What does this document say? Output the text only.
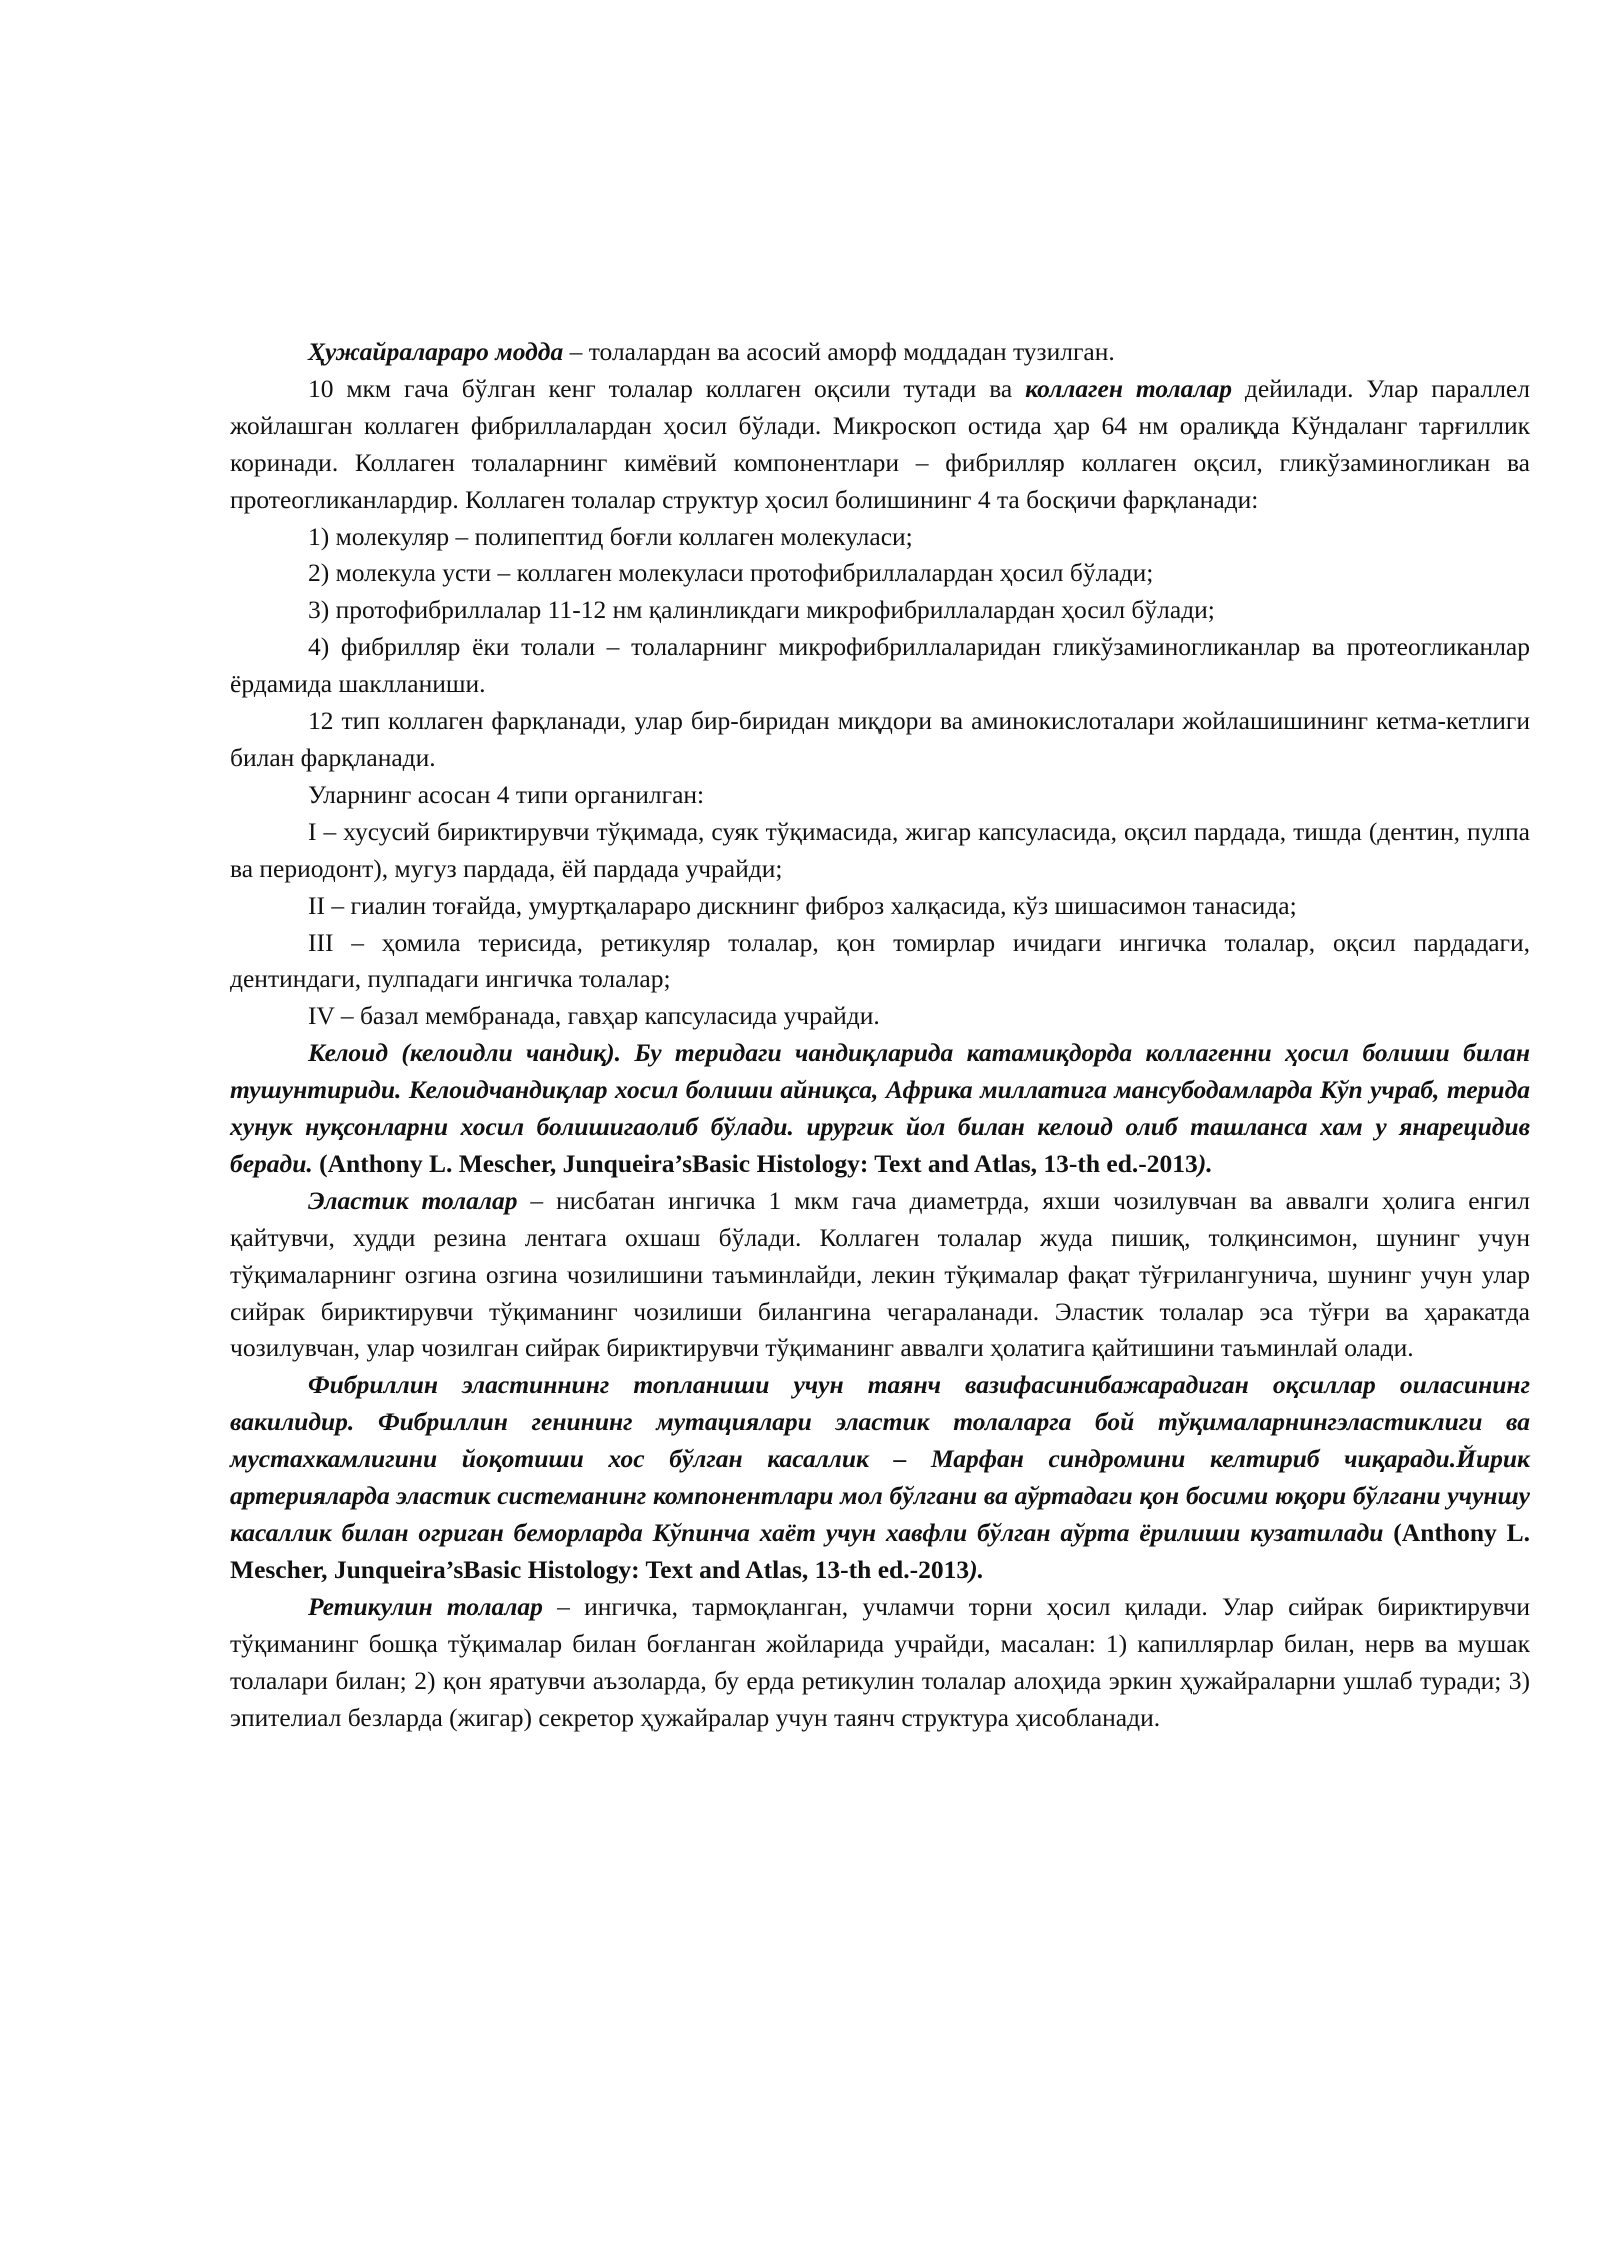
Ҳужайралараро модда – толалардан ва асосий аморф моддадан тузилган.

10 мкм гача бўлган кенг толалар коллаген оқсили тутади ва коллаген толалар дейилади. Улар параллел жойлашган коллаген фибриллалардан ҳосил бўлади. Микроскоп остида ҳар 64 нм оралиқда Кўндаланг тарғиллик коринади. Коллаген толаларнинг кимёвий компонентлари – фибрилляр коллаген оқсил, гликўзаминогликан ва протеогликанлардир. Коллаген толалар структур ҳосил болишининг 4 та босқичи фарқланади:

1) молекуляр – полипептид боғли коллаген молекуласи;

2) молекула усти – коллаген молекуласи протофибриллалардан ҳосил бўлади;

3) протофибриллалар 11-12 нм қалинликдаги микрофибриллалардан ҳосил бўлади;

4) фибрилляр ёки толали – толаларнинг микрофибриллаларидан гликўзаминогликанлар ва протеогликанлар ёрдамида шаклланиши.

12 тип коллаген фарқланади, улар бир-биридан миқдори ва аминокислоталари жойлашишининг кетма-кетлиги билан фарқланади.

Уларнинг асосан 4 типи органилган:

I – хусусий бириктирувчи тўқимада, суяк тўқимасида, жигар капсуласида, оқсил пардада, тишда (дентин, пулпа ва периодонт), мугуз пардада, ёй пардада учрайди;

II – гиалин тоғайда, умуртқалараро дискнинг фиброз халқасида, кўз шишасимон танасида;

III – ҳомила терисида, ретикуляр толалар, қон томирлар ичидаги ингичка толалар, оқсил пардадаги, дентиндаги, пулпадаги ингичка толалар;

IV – базал мембранада, гавҳар капсуласида учрайди.

Келоид (келоидли чандиқ). Бу теридаги чандиқларида катамиқдорда коллагенни ҳосил болиши билан тушунтириди. Келоидчандиқлар хосил болиши айниқса, Африка миллатига мансубодамларда Кўп учраб, терида хунук нуқсонларни хосил болишигаолиб бўлади. ирургик йол билан келоид олиб ташланса хам у янарецидив беради. (Anthony L. Mescher, Junqueira’sBasic Histology: Text and Atlas, 13-th ed.-2013).

Эластик толалар – нисбатан ингичка 1 мкм гача диаметрда, яхши чозилувчан ва аввалги ҳолига енгил қайтувчи, худди резина лентага охшаш бўлади. Коллаген толалар жуда пишиқ, толқинсимон, шунинг учун тўқималарнинг озгина озгина чозилишини таъминлайди, лекин тўқималар фақат тўғрилангунича, шунинг учун улар сийрак бириктирувчи тўқиманинг чозилиши билангина чегараланади. Эластик толалар эса тўғри ва ҳаракатда чозилувчан, улар чозилган сийрак бириктирувчи тўқиманинг аввалги ҳолатига қайтишини таъминлай олади.

Фибриллин эластиннинг топланиши учун таянч вазифасинибажарадиган оқсиллар оиласининг вакилидир. Фибриллин генининг мутациялари эластик толаларга бой тўқималарнингэластиклиги ва мустахкамлигини йоқотиши хос бўлган касаллик – Марфан синдромини келтириб чиқаради.Йирик артерияларда эластик системанинг компонентлари мол бўлгани ва аўртадаги қон босими юқори бўлгани учуншу касаллик билан огриган беморларда Кўпинча хаёт учун хавфли бўлган аўрта ёрилиши кузатилади (Anthony L. Mescher, Junqueira’sBasic Histology: Text and Atlas, 13-th ed.-2013).

Ретикулин толалар – ингичка, тармоқланган, учламчи торни ҳосил қилади. Улар сийрак бириктирувчи тўқиманинг бошқа тўқималар билан боғланган жойларида учрайди, масалан: 1) капиллярлар билан, нерв ва мушак толалари билан; 2) қон яратувчи аъзоларда, бу ерда ретикулин толалар алоҳида эркин ҳужайраларни ушлаб туради; 3) эпителиал безларда (жигар) секретор ҳужайралар учун таянч структура ҳисобланади.
